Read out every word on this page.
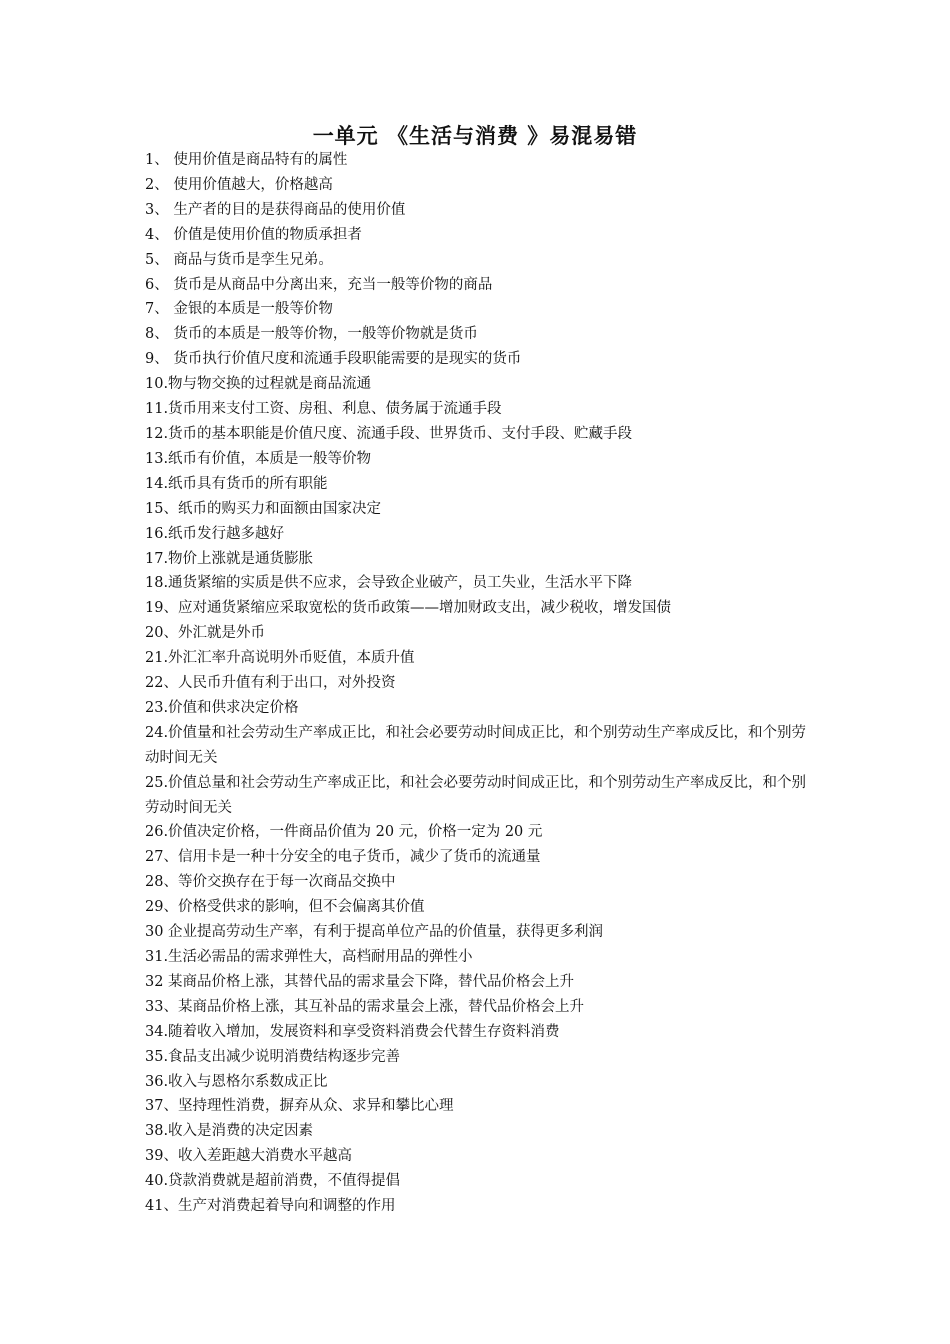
一单元 《生活与消费 》易混易错
1、 使用价值是商品特有的属性
2、 使用价值越大，价格越高
3、 生产者的目的是获得商品的使用价值
4、 价值是使用价值的物质承担者
5、 商品与货币是孪生兄弟。
6、 货币是从商品中分离出来，充当一般等价物的商品
7、 金银的本质是一般等价物
8、 货币的本质是一般等价物，一般等价物就是货币
9、 货币执行价值尺度和流通手段职能需要的是现实的货币
10.物与物交换的过程就是商品流通
11.货币用来支付工资、房租、利息、债务属于流通手段
12.货币的基本职能是价值尺度、流通手段、世界货币、支付手段、贮藏手段
13.纸币有价值，本质是一般等价物
14.纸币具有货币的所有职能
15、纸币的购买力和面额由国家决定
16.纸币发行越多越好
17.物价上涨就是通货膨胀
18.通货紧缩的实质是供不应求，会导致企业破产，员工失业，生活水平下降
19、应对通货紧缩应采取宽松的货币政策——增加财政支出，减少税收，增发国债
20、外汇就是外币
21.外汇汇率升高说明外币贬值，本质升值
22、人民币升值有利于出口，对外投资
23.价值和供求决定价格
24.价值量和社会劳动生产率成正比，和社会必要劳动时间成正比，和个别劳动生产率成反比，和个别劳动时间无关
25.价值总量和社会劳动生产率成正比，和社会必要劳动时间成正比，和个别劳动生产率成反比，和个别劳动时间无关
26.价值决定价格，一件商品价值为 20 元，价格一定为 20 元
27、信用卡是一种十分安全的电子货币，减少了货币的流通量
28、等价交换存在于每一次商品交换中
29、价格受供求的影响，但不会偏离其价值
30 企业提高劳动生产率，有利于提高单位产品的价值量，获得更多利润
31.生活必需品的需求弹性大，高档耐用品的弹性小
32 某商品价格上涨，其替代品的需求量会下降，替代品价格会上升
33、某商品价格上涨，其互补品的需求量会上涨，替代品价格会上升
34.随着收入增加，发展资料和享受资料消费会代替生存资料消费
35.食品支出减少说明消费结构逐步完善
36.收入与恩格尔系数成正比
37、坚持理性消费，摒弃从众、求异和攀比心理
38.收入是消费的决定因素
39、收入差距越大消费水平越高
40.贷款消费就是超前消费，不值得提倡
41、生产对消费起着导向和调整的作用
